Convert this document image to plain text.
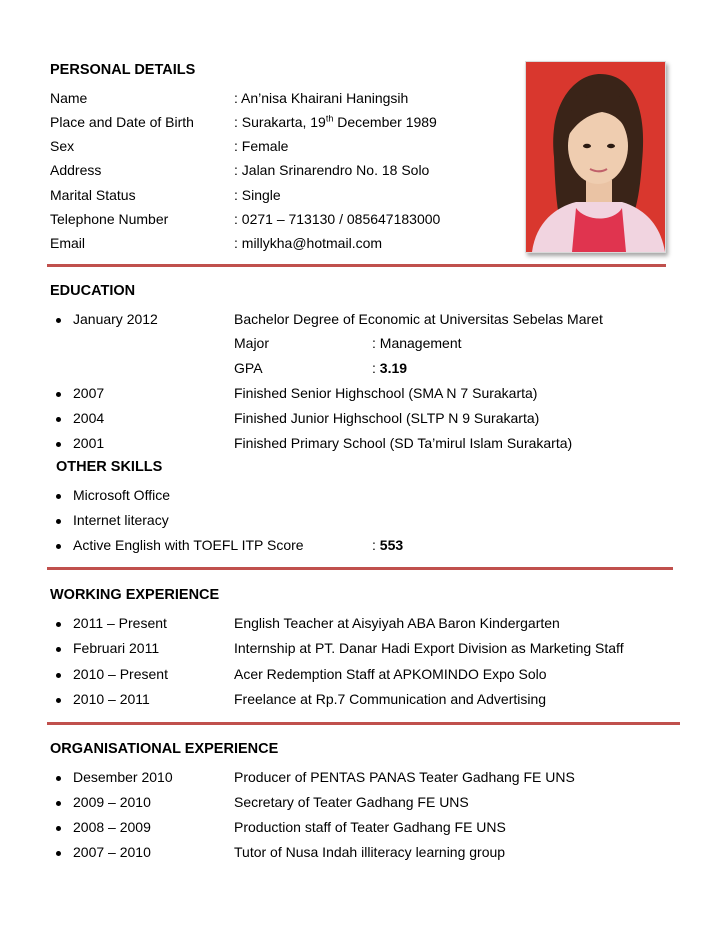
PERSONAL DETAILS
Name	: An’nisa Khairani Haningsih
Place and Date of Birth	: Surakarta, 19th December 1989
Sex	: Female
Address	: Jalan Srinarendro No. 18 Solo
Marital Status	: Single
Telephone Number	: 0271 – 713130 / 085647183000
Email	: millykha@hotmail.com
EDUCATION
January 2012	Bachelor Degree of Economic at Universitas Sebelas Maret
Major	: Management
GPA	: 3.19
2007	Finished Senior Highschool (SMA N 7 Surakarta)
2004	Finished Junior Highschool (SLTP N 9 Surakarta)
2001	Finished Primary School (SD Ta’mirul Islam Surakarta)
OTHER SKILLS
Microsoft Office
Internet literacy
Active English with TOEFL ITP Score	: 553
WORKING EXPERIENCE
2011 – Present	English Teacher at Aisyiyah ABA Baron Kindergarten
Februari 2011	Internship at PT. Danar Hadi Export Division as Marketing Staff
2010 – Present	Acer Redemption Staff at APKOMINDO Expo Solo
2010 – 2011	Freelance at Rp.7 Communication and Advertising
ORGANISATIONAL EXPERIENCE
Desember 2010	Producer of PENTAS PANAS Teater Gadhang FE UNS
2009 – 2010	Secretary of Teater Gadhang FE UNS
2008 – 2009	Production staff of Teater Gadhang FE UNS
2007 – 2010	Tutor of Nusa Indah illiteracy learning group
